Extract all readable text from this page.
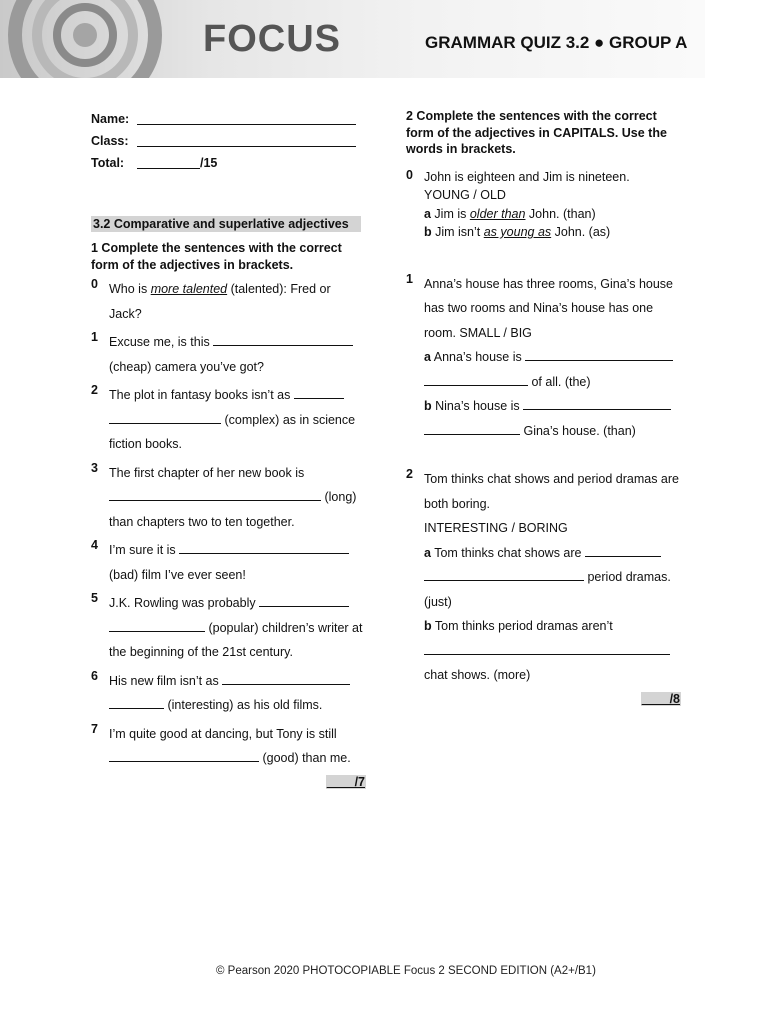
FOCUS	GRAMMAR QUIZ 3.2 ● GROUP A
Name:
Class:
Total:	/15
3.2 Comparative and superlative adjectives
1 Complete the sentences with the correct form of the adjectives in brackets.
0 Who is more talented (talented): Fred or Jack?
1 Excuse me, is this  (cheap) camera you’ve got?
2 The plot in fantasy books isn’t as   (complex) as in science fiction books.
3 The first chapter of her new book is  (long) than chapters two to ten together.
4 I’m sure it is  (bad) film I’ve ever seen!
5 J.K. Rowling was probably   (popular) children’s writer at the beginning of the 21st century.
6 His new film isn’t as   (interesting) as his old films.
7 I’m quite good at dancing, but Tony is still  (good) than me.
____/7
2 Complete the sentences with the correct form of the adjectives in CAPITALS. Use the words in brackets.
0 John is eighteen and Jim is nineteen.
YOUNG / OLD
a Jim is older than John. (than)
b Jim isn’t as young as John. (as)
1 Anna’s house has three rooms, Gina’s house has two rooms and Nina’s house has one room. SMALL / BIG
a Anna’s house is   of all. (the)
b Nina’s house is   Gina’s house. (than)
2 Tom thinks chat shows and period dramas are both boring.
INTERESTING / BORING
a Tom thinks chat shows are   period dramas. (just)
b Tom thinks period dramas aren’t
chat shows. (more)
____/8
© Pearson 2020 PHOTOCOPIABLE Focus 2 SECOND EDITION (A2+/B1)
